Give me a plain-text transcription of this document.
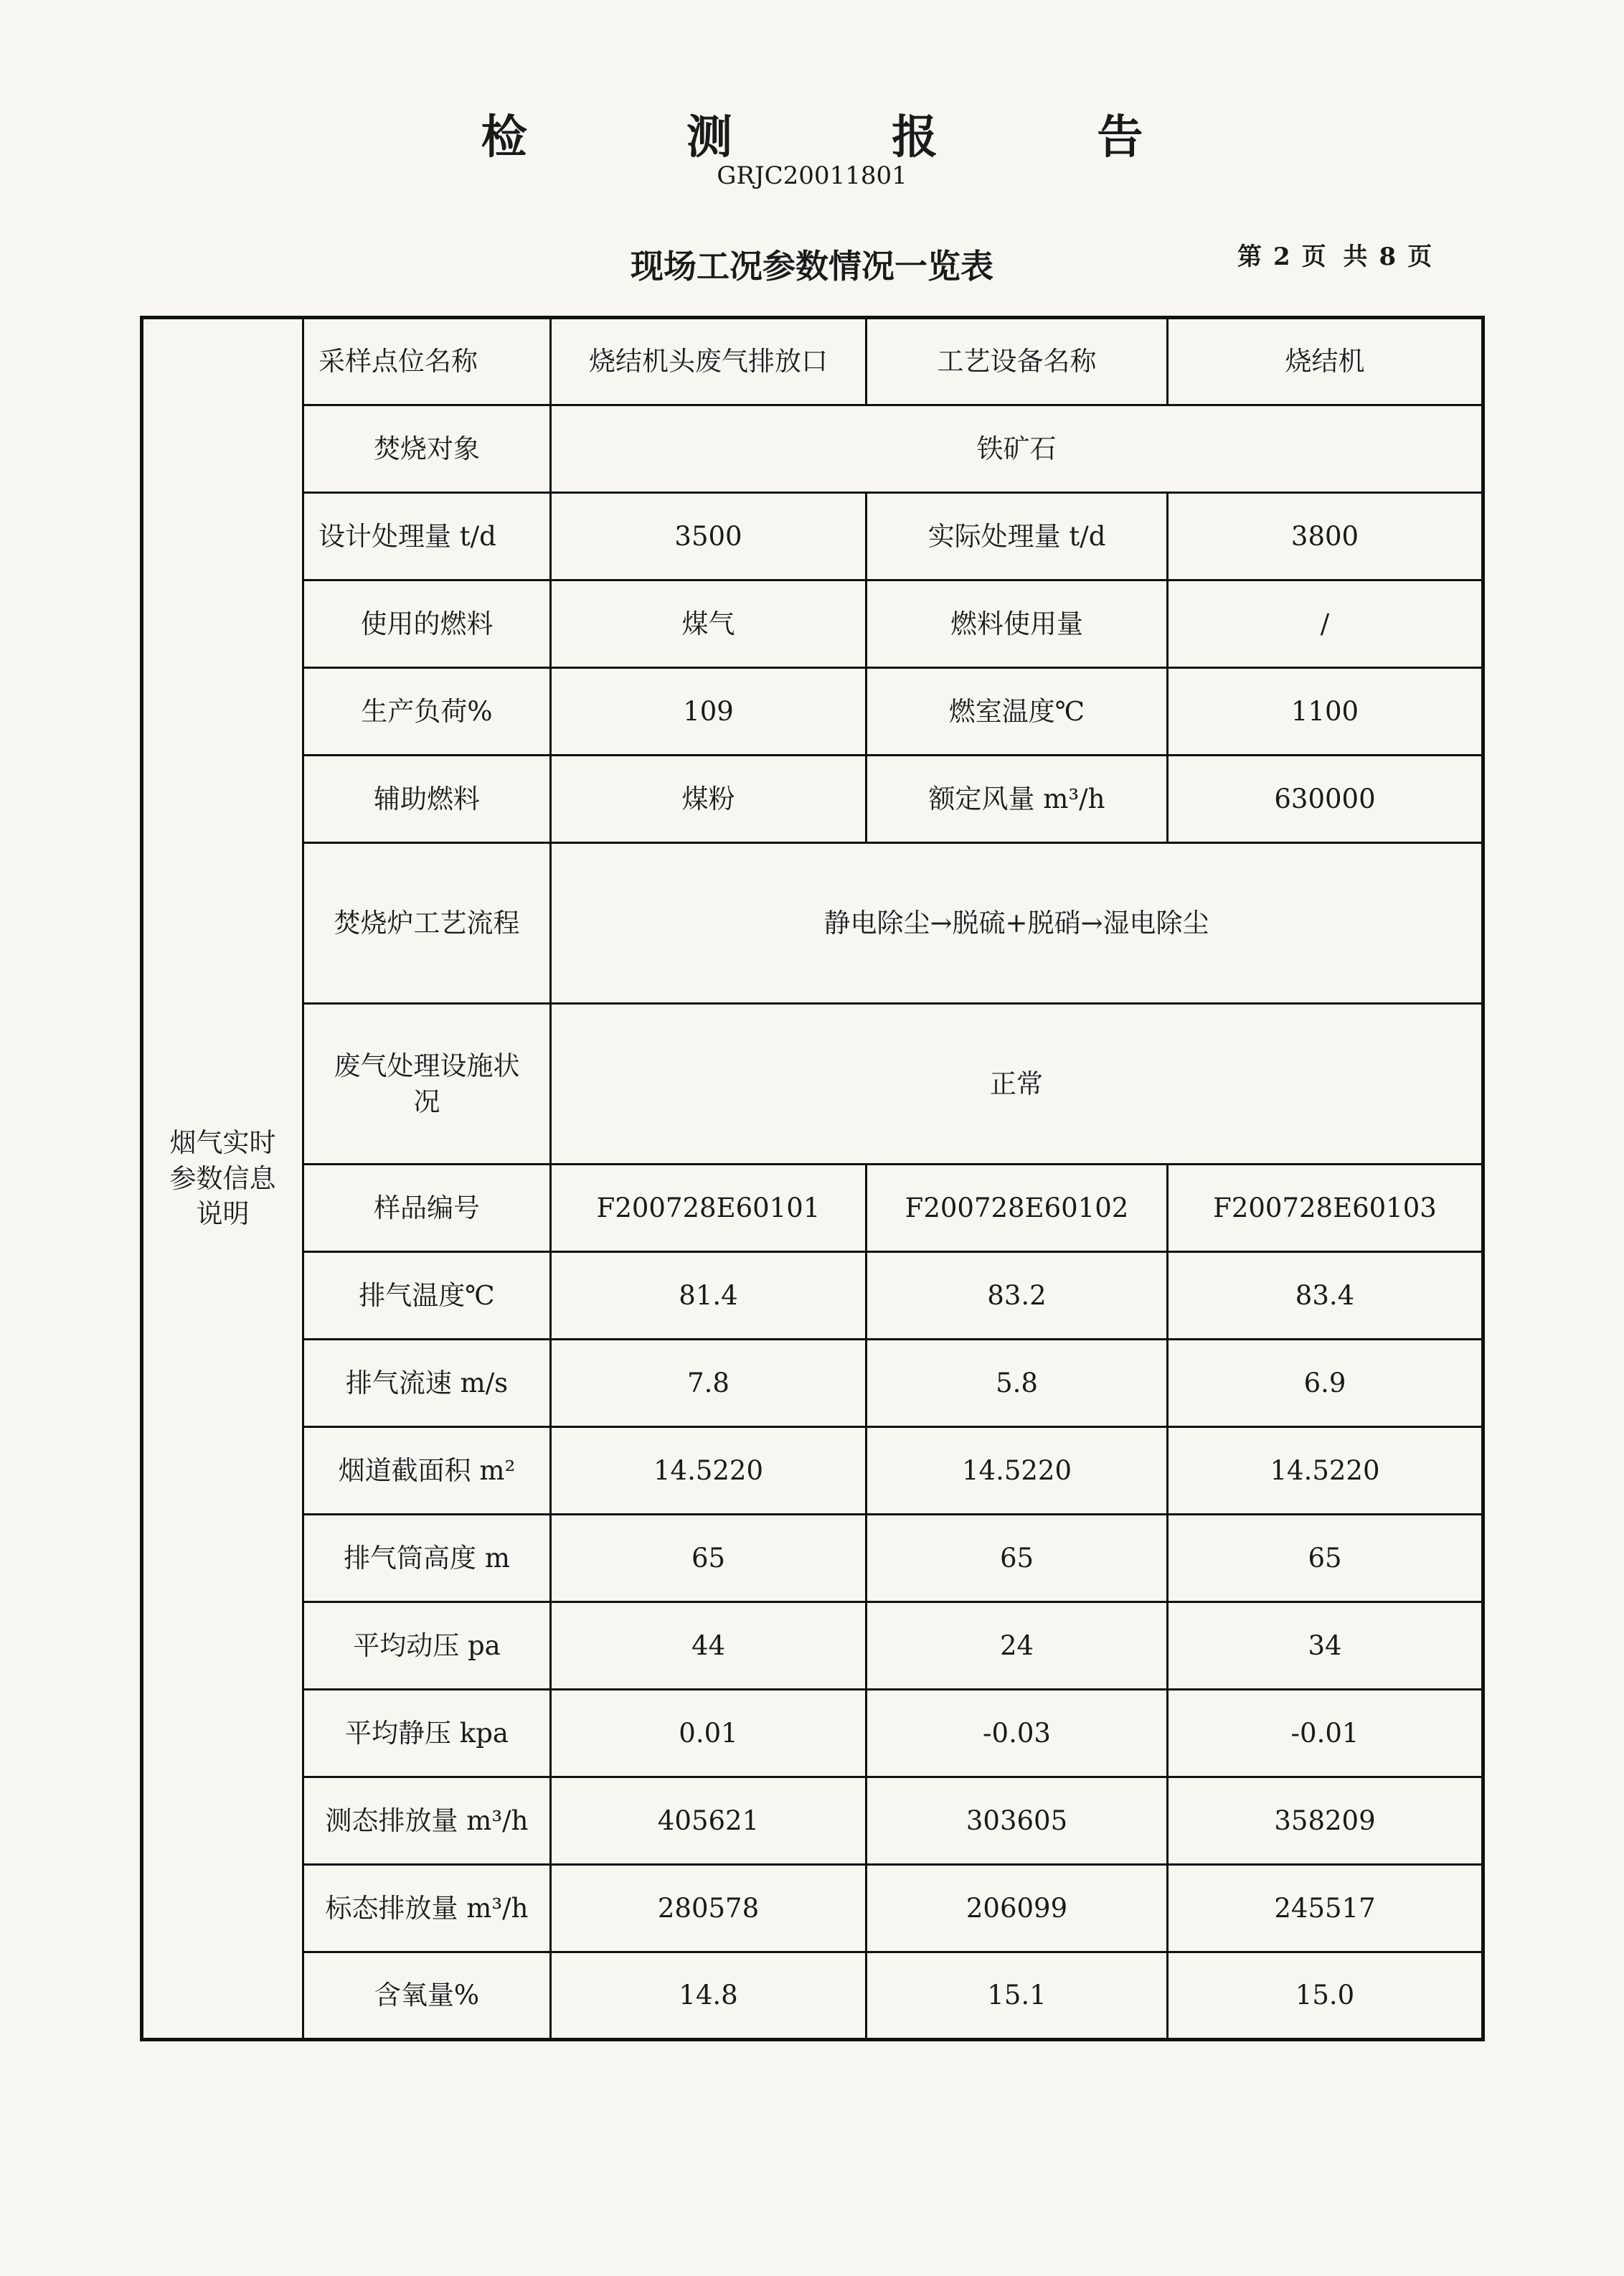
检 测 报 告
GRJC20011801
现场工况参数情况一览表	第 2 页 共 8 页
烟气实时参数信息说明	采样点位名称	烧结机头废气排放口	工艺设备名称	烧结机
	焚烧对象	铁矿石		
	设计处理量 t/d	3500	实际处理量 t/d	3800
	使用的燃料	煤气	燃料使用量	/
	生产负荷%	109	燃室温度℃	1100
	辅助燃料	煤粉	额定风量 m³/h	630000
	焚烧炉工艺流程	静电除尘→脱硫+脱硝→湿电除尘		
	废气处理设施状况	正常		
	样品编号	F200728E60101	F200728E60102	F200728E60103
	排气温度℃	81.4	83.2	83.4
	排气流速 m/s	7.8	5.8	6.9
	烟道截面积 m²	14.5220	14.5220	14.5220
	排气筒高度 m	65	65	65
	平均动压 pa	44	24	34
	平均静压 kpa	0.01	-0.03	-0.01
	测态排放量 m³/h	405621	303605	358209
	标态排放量 m³/h	280578	206099	245517
	含氧量%	14.8	15.1	15.0
